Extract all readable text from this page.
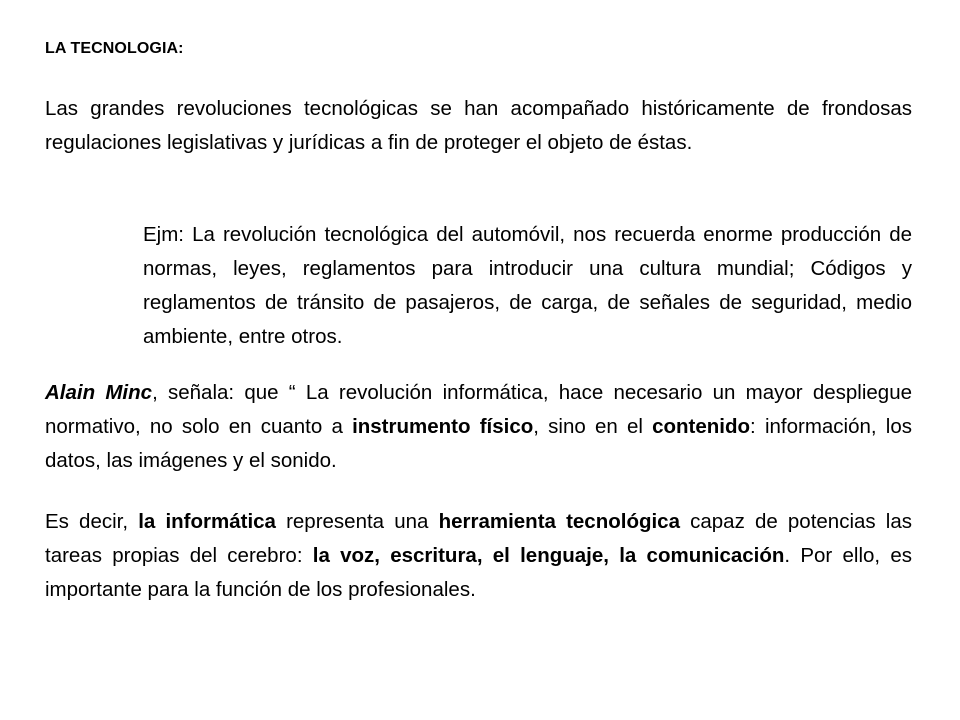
LA TECNOLOGIA:

Las grandes revoluciones tecnológicas se han acompañado históricamente de frondosas regulaciones legislativas y jurídicas a fin de proteger el objeto de éstas.

Ejm: La revolución tecnológica del automóvil, nos recuerda enorme producción de normas, leyes, reglamentos para introducir una cultura mundial; Códigos y reglamentos de tránsito de pasajeros, de carga, de señales de seguridad, medio ambiente, entre otros.

Alain Minc, señala: que “ La revolución informática, hace necesario un mayor despliegue normativo, no solo en cuanto a instrumento físico, sino en el contenido: información, los datos, las imágenes y el sonido.

Es decir, la informática representa una herramienta tecnológica capaz de potencias las tareas propias del cerebro: la voz, escritura, el lenguaje, la comunicación. Por ello, es importante para la función de los profesionales.
